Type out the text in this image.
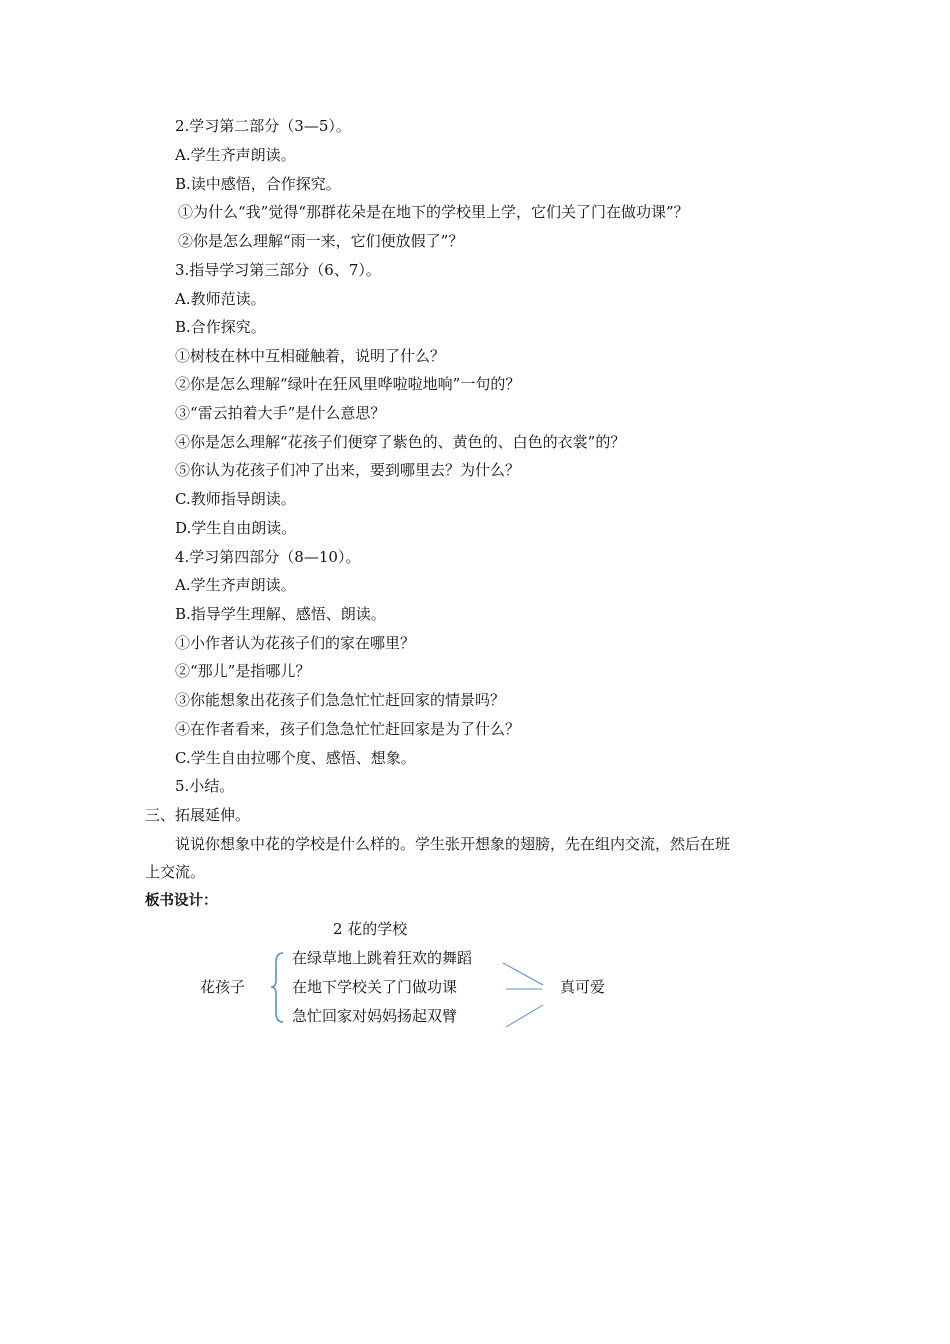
2.学习第二部分（3—5）。
A.学生齐声朗读。
B.读中感悟，合作探究。
①为什么“我”觉得“那群花朵是在地下的学校里上学，它们关了门在做功课”？
②你是怎么理解“雨一来，它们便放假了”？
3.指导学习第三部分（6、7）。
A.教师范读。
B.合作探究。
①树枝在林中互相碰触着，说明了什么？
②你是怎么理解“绿叶在狂风里哗啦啦地响”一句的？
③“雷云拍着大手”是什么意思？
④你是怎么理解“花孩子们便穿了紫色的、黄色的、白色的衣裳”的？
⑤你认为花孩子们冲了出来，要到哪里去？为什么？
C.教师指导朗读。
D.学生自由朗读。
4.学习第四部分（8—10）。
A.学生齐声朗读。
B.指导学生理解、感悟、朗读。
①小作者认为花孩子们的家在哪里？
②“那儿”是指哪儿？
③你能想象出花孩子们急急忙忙赶回家的情景吗？
④在作者看来，孩子们急急忙忙赶回家是为了什么？
C.学生自由拉哪个度、感悟、想象。
5.小结。
三、拓展延伸。
说说你想象中花的学校是什么样的。学生张开想象的翅膀，先在组内交流，然后在班
上交流。
板书设计：
2 花的学校
花孩子
在绿草地上跳着狂欢的舞蹈
在地下学校关了门做功课
急忙回家对妈妈扬起双臂
真可爱
